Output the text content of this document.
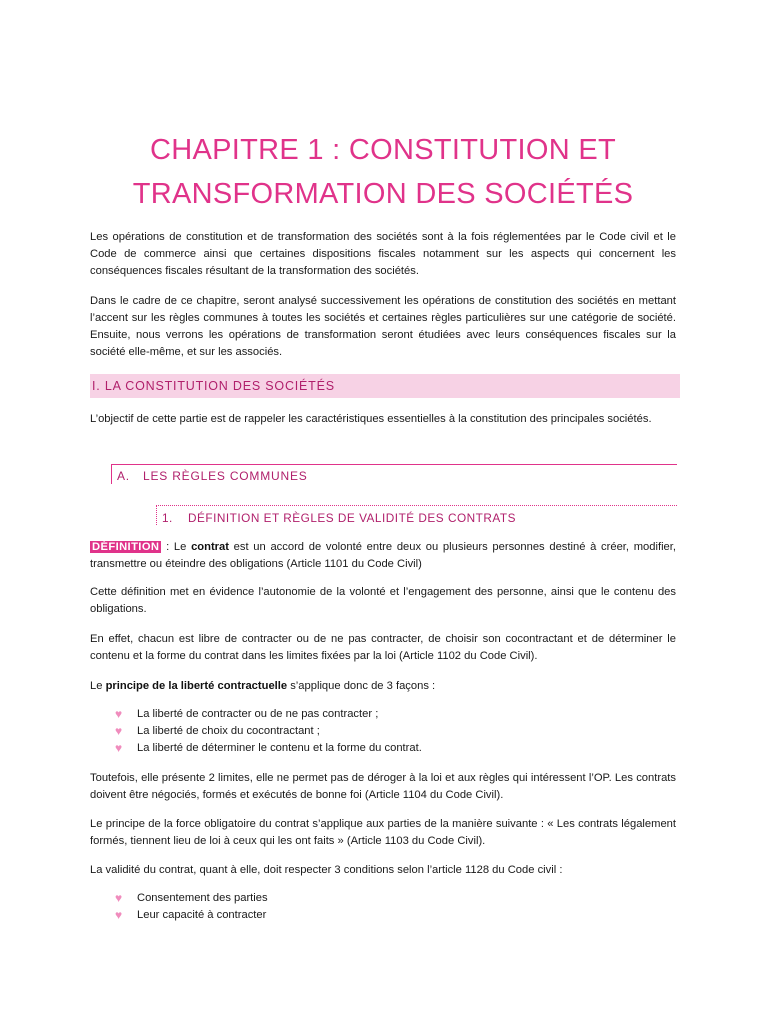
CHAPITRE 1 : CONSTITUTION ET
TRANSFORMATION DES SOCIÉTÉS

Les opérations de constitution et de transformation des sociétés sont à la fois réglementées par le Code civil et le Code de commerce ainsi que certaines dispositions fiscales notamment sur les aspects qui concernent les conséquences fiscales résultant de la transformation des sociétés.

Dans le cadre de ce chapitre, seront analysé successivement les opérations de constitution des sociétés en mettant l’accent sur les règles communes à toutes les sociétés et certaines règles particulières sur une catégorie de société. Ensuite, nous verrons les opérations de transformation seront étudiées avec leurs conséquences fiscales sur la société elle-même, et sur les associés.

I. LA CONSTITUTION DES SOCIÉTÉS

L’objectif de cette partie est de rappeler les caractéristiques essentielles à la constitution des principales sociétés.

A. LES RÈGLES COMMUNES
1. DÉFINITION ET RÈGLES DE VALIDITÉ DES CONTRATS

DÉFINITION : Le contrat est un accord de volonté entre deux ou plusieurs personnes destiné à créer, modifier, transmettre ou éteindre des obligations (Article 1101 du Code Civil)

Cette définition met en évidence l’autonomie de la volonté et l’engagement des personne, ainsi que le contenu des obligations.

En effet, chacun est libre de contracter ou de ne pas contracter, de choisir son cocontractant et de déterminer le contenu et la forme du contrat dans les limites fixées par la loi (Article 1102 du Code Civil).

Le principe de la liberté contractuelle s’applique donc de 3 façons :

♥ La liberté de contracter ou de ne pas contracter ;
♥ La liberté de choix du cocontractant ;
♥ La liberté de déterminer le contenu et la forme du contrat.

Toutefois, elle présente 2 limites, elle ne permet pas de déroger à la loi et aux règles qui intéressent l’OP. Les contrats doivent être négociés, formés et exécutés de bonne foi (Article 1104 du Code Civil).

Le principe de la force obligatoire du contrat s’applique aux parties de la manière suivante : « Les contrats légalement formés, tiennent lieu de loi à ceux qui les ont faits » (Article 1103 du Code Civil).

La validité du contrat, quant à elle, doit respecter 3 conditions selon l’article 1128 du Code civil :

♥ Consentement des parties
♥ Leur capacité à contracter
